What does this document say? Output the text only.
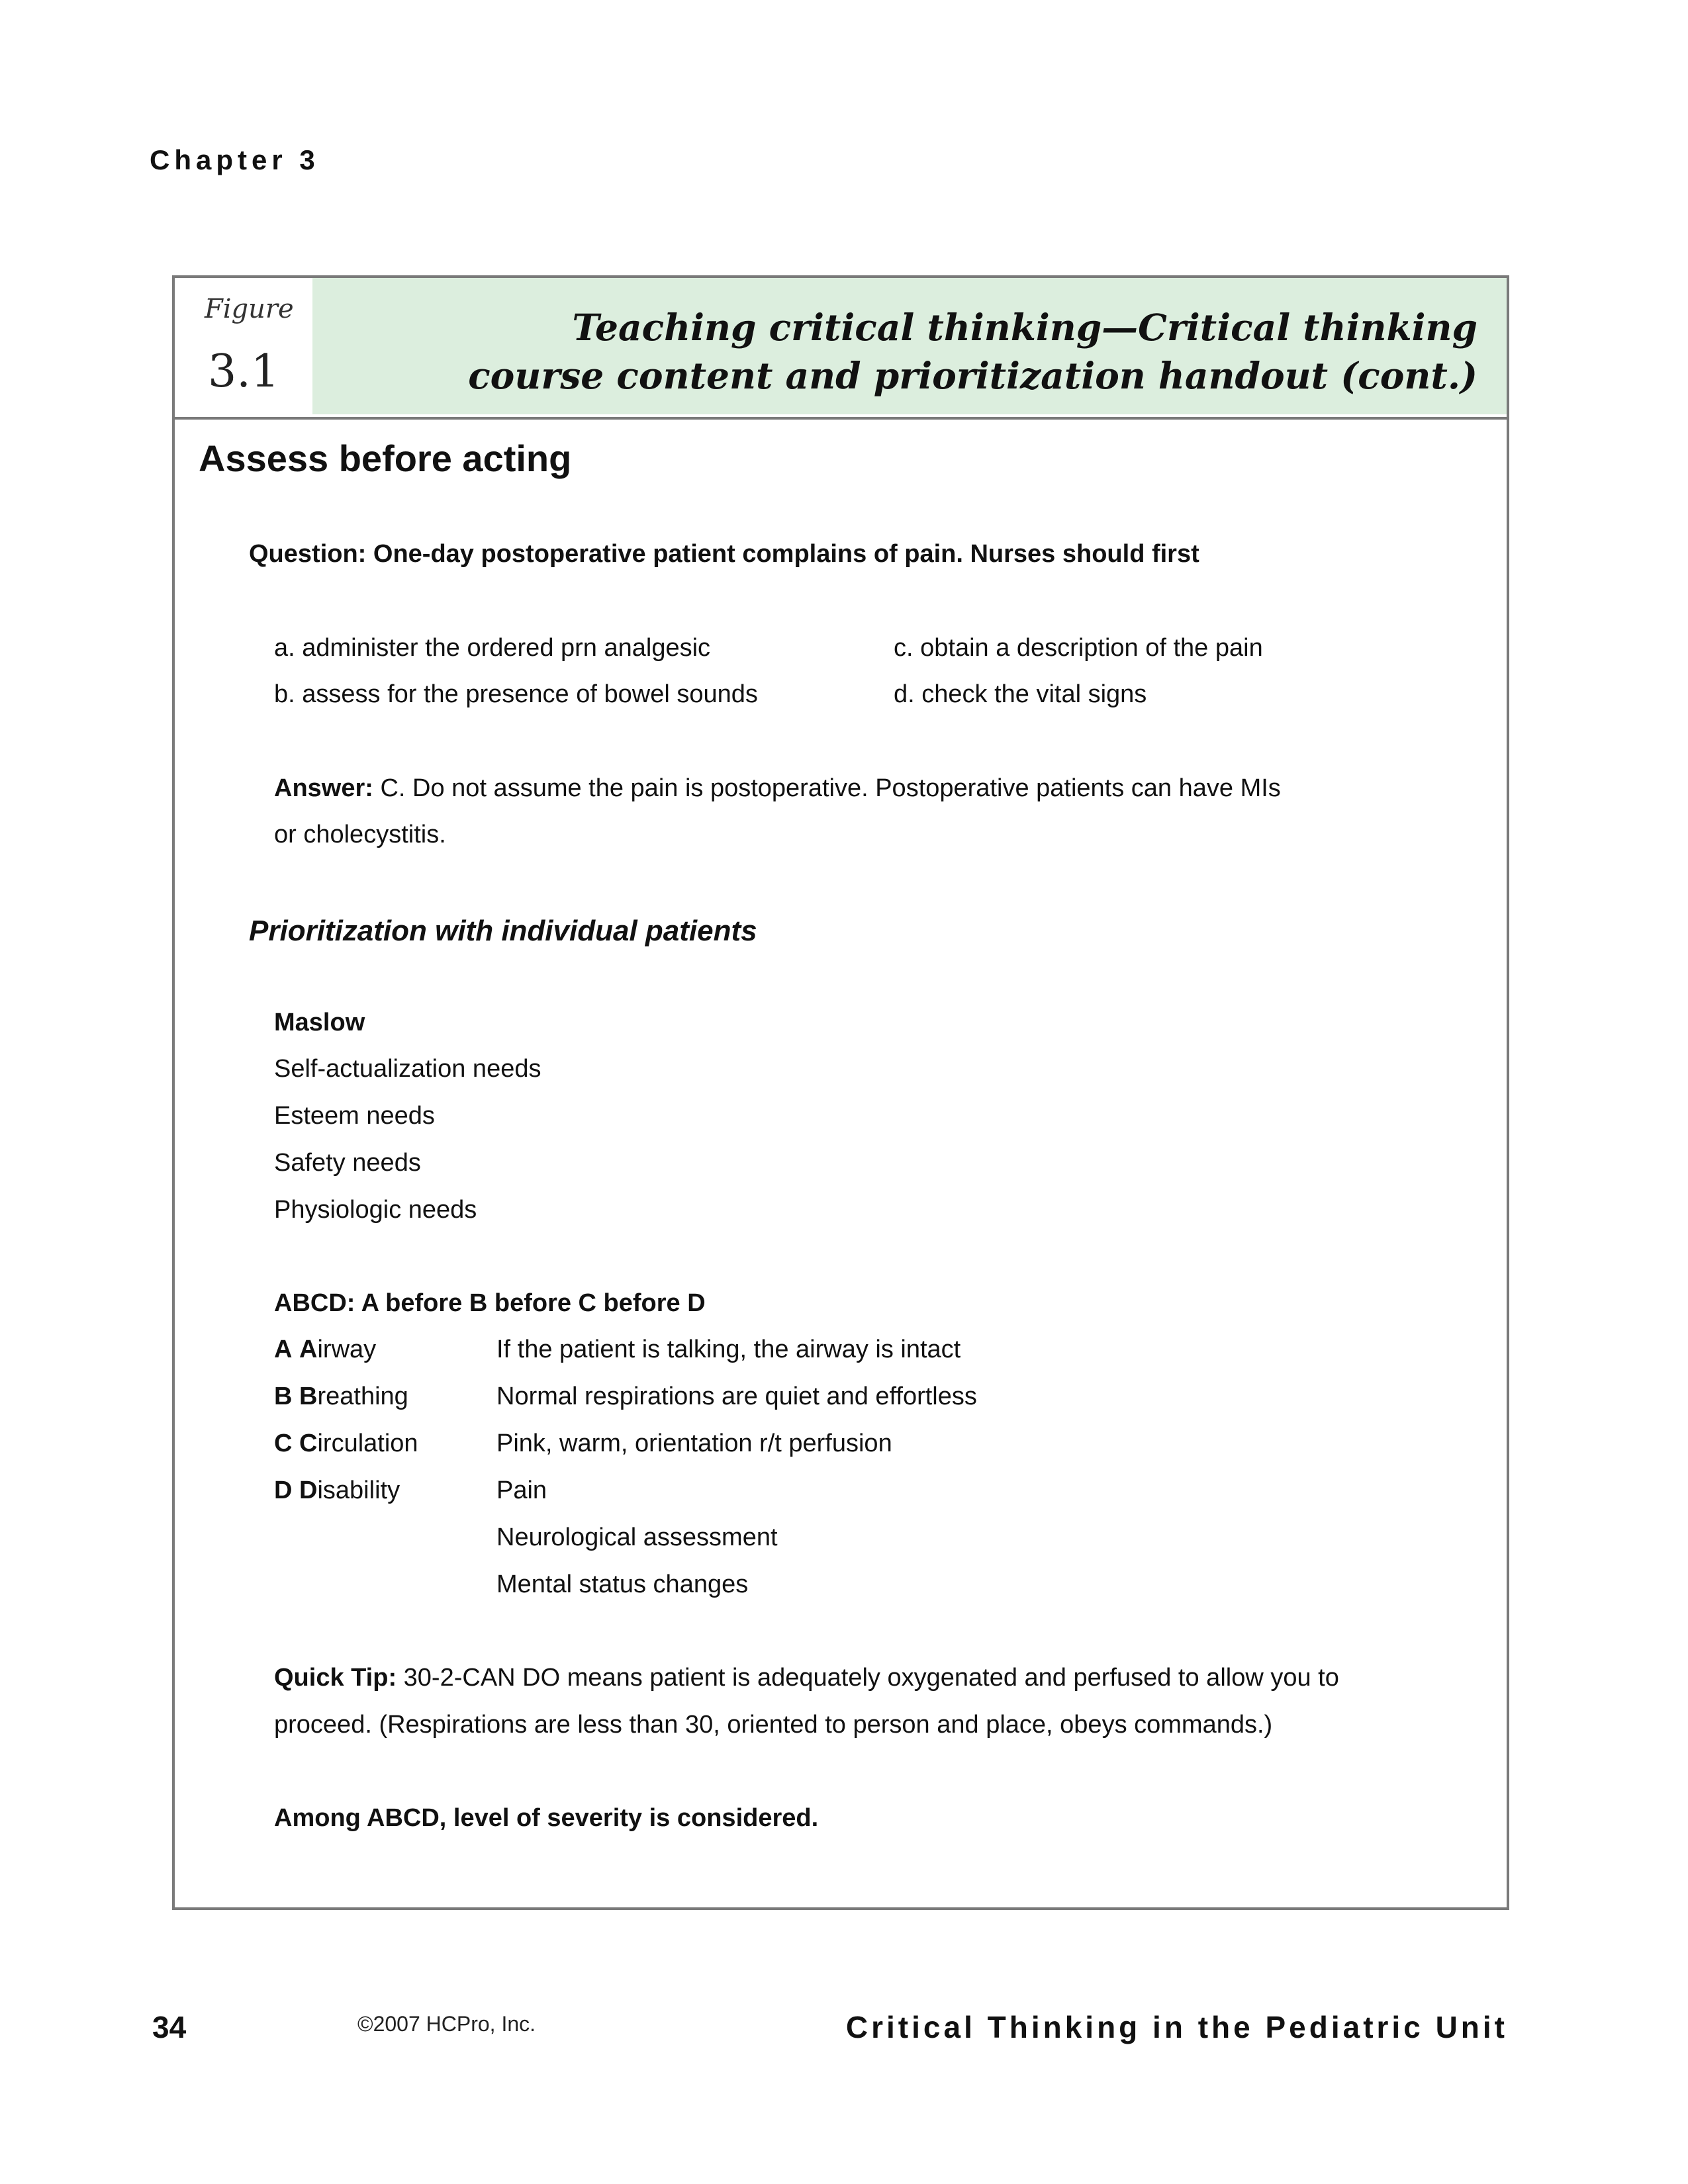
Chapter 3
Figure
3.1
Teaching critical thinking—Critical thinking
course content and prioritization handout (cont.)
Assess before acting
Question: One-day postoperative patient complains of pain. Nurses should first
a. administer the ordered prn analgesic
b. assess for the presence of bowel sounds
c. obtain a description of the pain
d. check the vital signs
Answer: C. Do not assume the pain is postoperative. Postoperative patients can have MIs
or cholecystitis.
Prioritization with individual patients
Maslow
Self-actualization needs
Esteem needs
Safety needs
Physiologic needs
ABCD: A before B before C before D
A Airway	If the patient is talking, the airway is intact
B Breathing	Normal respirations are quiet and effortless
C Circulation	Pink, warm, orientation r/t perfusion
D Disability	Pain
Neurological assessment
Mental status changes
Quick Tip: 30-2-CAN DO means patient is adequately oxygenated and perfused to allow you to
proceed. (Respirations are less than 30, oriented to person and place, obeys commands.)
Among ABCD, level of severity is considered.
34	©2007 HCPro, Inc.	Critical Thinking in the Pediatric Unit
